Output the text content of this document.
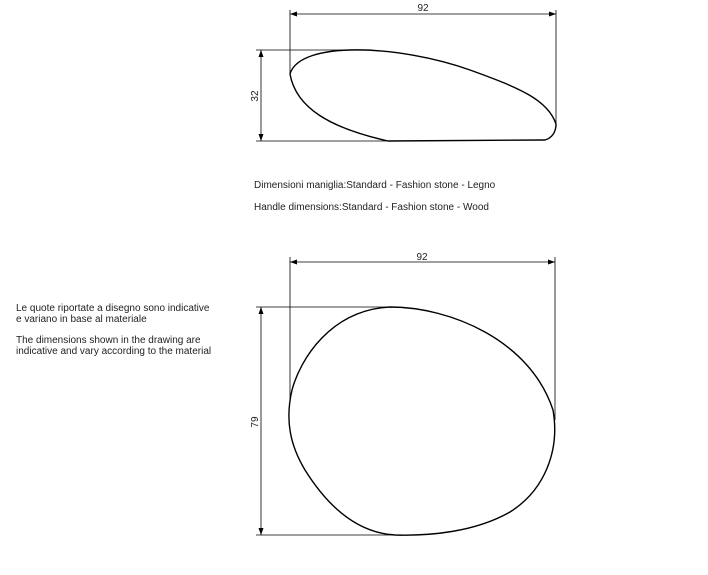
92
32
92
79
Dimensioni maniglia:Standard - Fashion stone - Legno
Handle dimensions:Standard - Fashion stone - Wood

Le quote riportate a disegno sono indicative

e variano in base al materiale

The dimensions shown in the drawing are

indicative and vary according to the material
